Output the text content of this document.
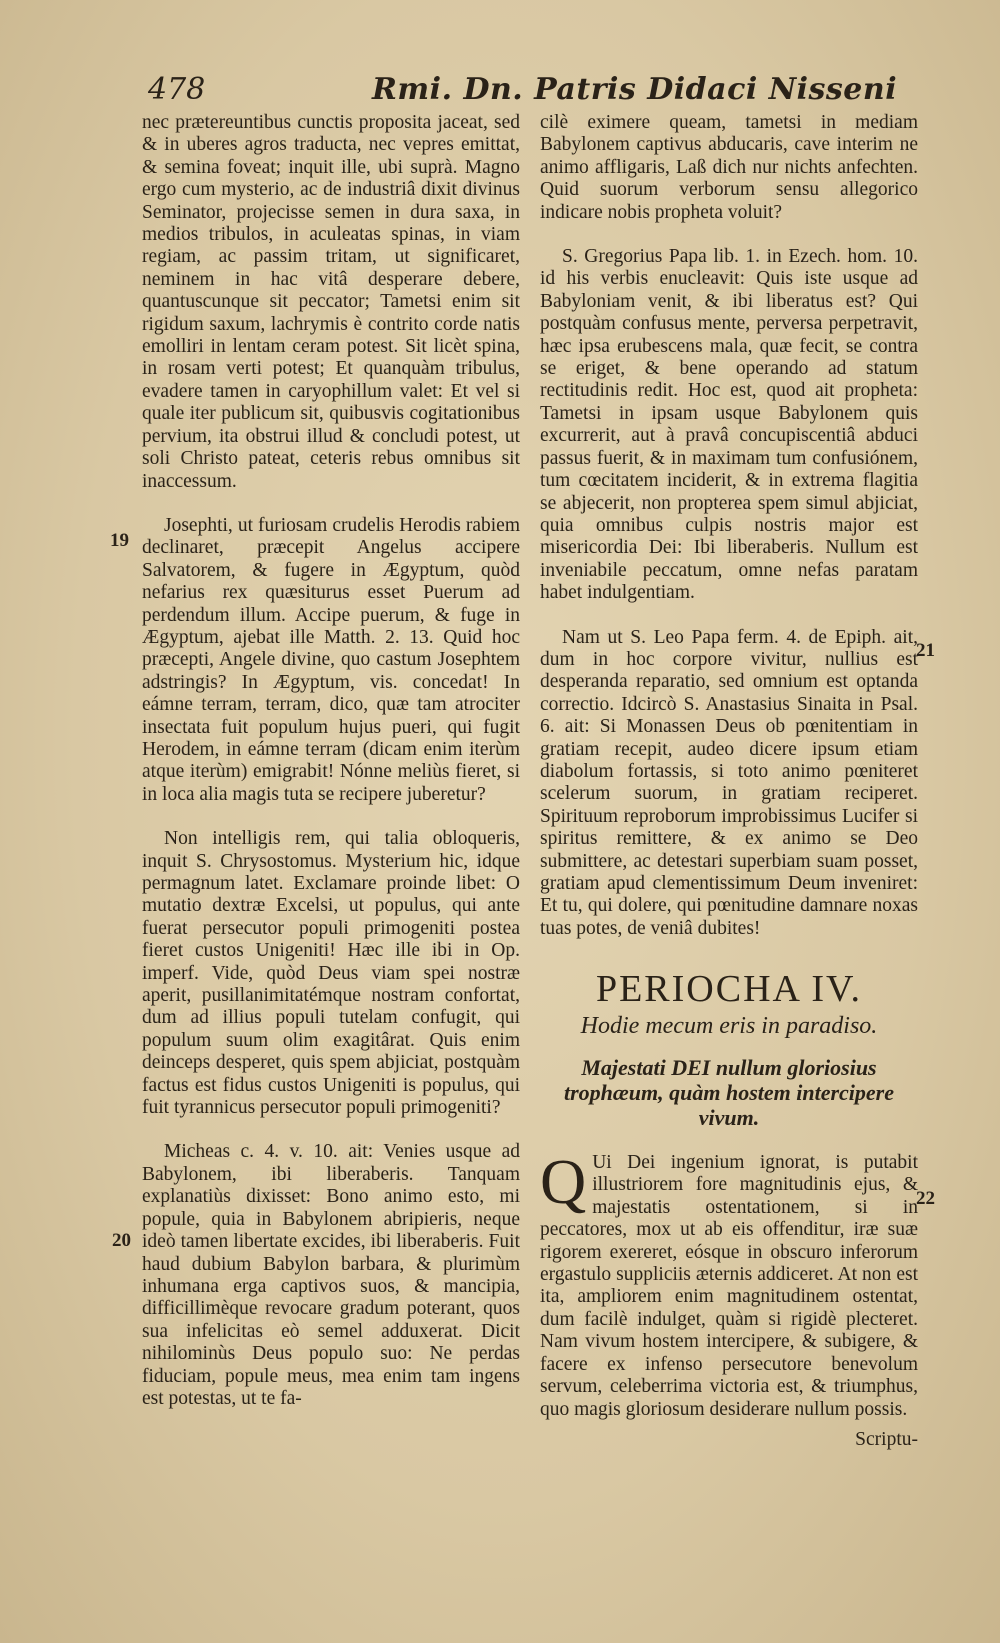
478	Rmi. Dn. Patris Didaci Nisseni

nec prætereuntibus cunctis proposita jaceat, sed & in uberes agros traducta, nec vepres emittat, & semina foveat; inquit ille, ubi suprà. Magno ergo cum mysterio, ac de industriâ dixit divinus Seminator, projecisse semen in dura saxa, in medios tribulos, in aculeatas spinas, in viam regiam, ac passim tritam, ut significaret, neminem in hac vitâ desperare debere, quantuscunque sit peccator; Tametsi enim sit rigidum saxum, lachrymis è contrito corde natis emolliri in lentam ceram potest. Sit licèt spina, in rosam verti potest; Et quanquàm tribulus, evadere tamen in caryophillum valet: Et vel si quale iter publicum sit, quibusvis cogitationibus pervium, ita obstrui illud & concludi potest, ut soli Christo pateat, ceteris rebus omnibus sit inaccessum.

Josephti, ut furiosam crudelis Herodis rabiem declinaret, præcepit Angelus accipere Salvatorem, & fugere in Ægyptum, quòd nefarius rex quæsiturus esset Puerum ad perdendum illum. Accipe puerum, & fuge in Ægyptum, ajebat ille Matth. 2. 13. Quid hoc præcepti, Angele divine, quo castum Josephtem adstringis? In Ægyptum, vis. concedat! In eámne terram, terram, dico, quæ tam atrociter insectata fuit populum hujus pueri, qui fugit Herodem, in eámne terram (dicam enim iterùm atque iterùm) emigrabit! Nónne meliùs fieret, si in loca alia magis tuta se recipere juberetur?

Non intelligis rem, qui talia obloqueris, inquit S. Chrysostomus. Mysterium hic, idque permagnum latet. Exclamare proinde libet: O mutatio dextræ Excelsi, ut populus, qui ante fuerat persecutor populi primogeniti postea fieret custos Unigeniti! Hæc ille ibi in Op. imperf. Vide, quòd Deus viam spei nostræ aperit, pusillanimitatémque nostram confortat, dum ad illius populi tutelam confugit, qui populum suum olim exagitârat. Quis enim deinceps desperet, quis spem abjiciat, postquàm factus est fidus custos Unigeniti is populus, qui fuit tyrannicus persecutor populi primogeniti?

Micheas c. 4. v. 10. ait: Venies usque ad Babylonem, ibi liberaberis. Tanquam explanatiùs dixisset: Bono animo esto, mi popule, quia in Babylonem abripieris, neque ideò tamen libertate excides, ibi liberaberis. Fuit haud dubium Babylon barbara, & plurimùm inhumana erga captivos suos, & mancipia, difficillimèque revocare gradum poterant, quos sua infelicitas eò semel adduxerat. Dicit nihilominùs Deus populo suo: Ne perdas fiduciam, popule meus, mea enim tam ingens est potestas, ut te fa-

19
20

cilè eximere queam, tametsi in mediam Babylonem captivus abducaris, cave interim ne animo affligaris, Laß dich nur nichts anfechten. Quid suorum verborum sensu allegorico indicare nobis propheta voluit?

S. Gregorius Papa lib. 1. in Ezech. hom. 10. id his verbis enucleavit: Quis iste usque ad Babyloniam venit, & ibi liberatus est? Qui postquàm confusus mente, perversa perpetravit, hæc ipsa erubescens mala, quæ fecit, se contra se eriget, & bene operando ad statum rectitudinis redit. Hoc est, quod ait propheta: Tametsi in ipsam usque Babylonem quis excurrerit, aut à pravâ concupiscentiâ abduci passus fuerit, & in maximam tum confusiónem, tum cœcitatem inciderit, & in extrema flagitia se abjecerit, non propterea spem simul abjiciat, quia omnibus culpis nostris major est misericordia Dei: Ibi liberaberis. Nullum est inveniabile peccatum, omne nefas paratam habet indulgentiam.

Nam ut S. Leo Papa ferm. 4. de Epiph. ait, dum in hoc corpore vivitur, nullius est desperanda reparatio, sed omnium est optanda correctio. Idcircò S. Anastasius Sinaita in Psal. 6. ait: Si Monassen Deus ob pœnitentiam in gratiam recepit, audeo dicere ipsum etiam diabolum fortassis, si toto animo pœniteret scelerum suorum, in gratiam reciperet. Spirituum reproborum improbissimus Lucifer si spiritus remittere, & ex animo se Deo submittere, ac detestari superbiam suam posset, gratiam apud clementissimum Deum inveniret: Et tu, qui dolere, qui pœnitudine damnare noxas tuas potes, de veniâ dubites!

PERIOCHA IV.
Hodie mecum eris in paradiso.
Majestati DEI nullum gloriosius trophæum, quàm hostem intercipere vivum.

Q Ui Dei ingenium ignorat, is putabit illustriorem fore magnitudinis ejus, & majestatis ostentationem, si in peccatores, mox ut ab eis offenditur, iræ suæ rigorem exereret, eósque in obscuro inferorum ergastulo suppliciis æternis addiceret. At non est ita, ampliorem enim magnitudinem ostentat, dum facilè indulget, quàm si rigidè plecteret. Nam vivum hostem intercipere, & subigere, & facere ex infenso persecutore benevolum servum, celeberrima victoria est, & triumphus, quo magis gloriosum desiderare nullum possis.

Scriptu-
21
22
